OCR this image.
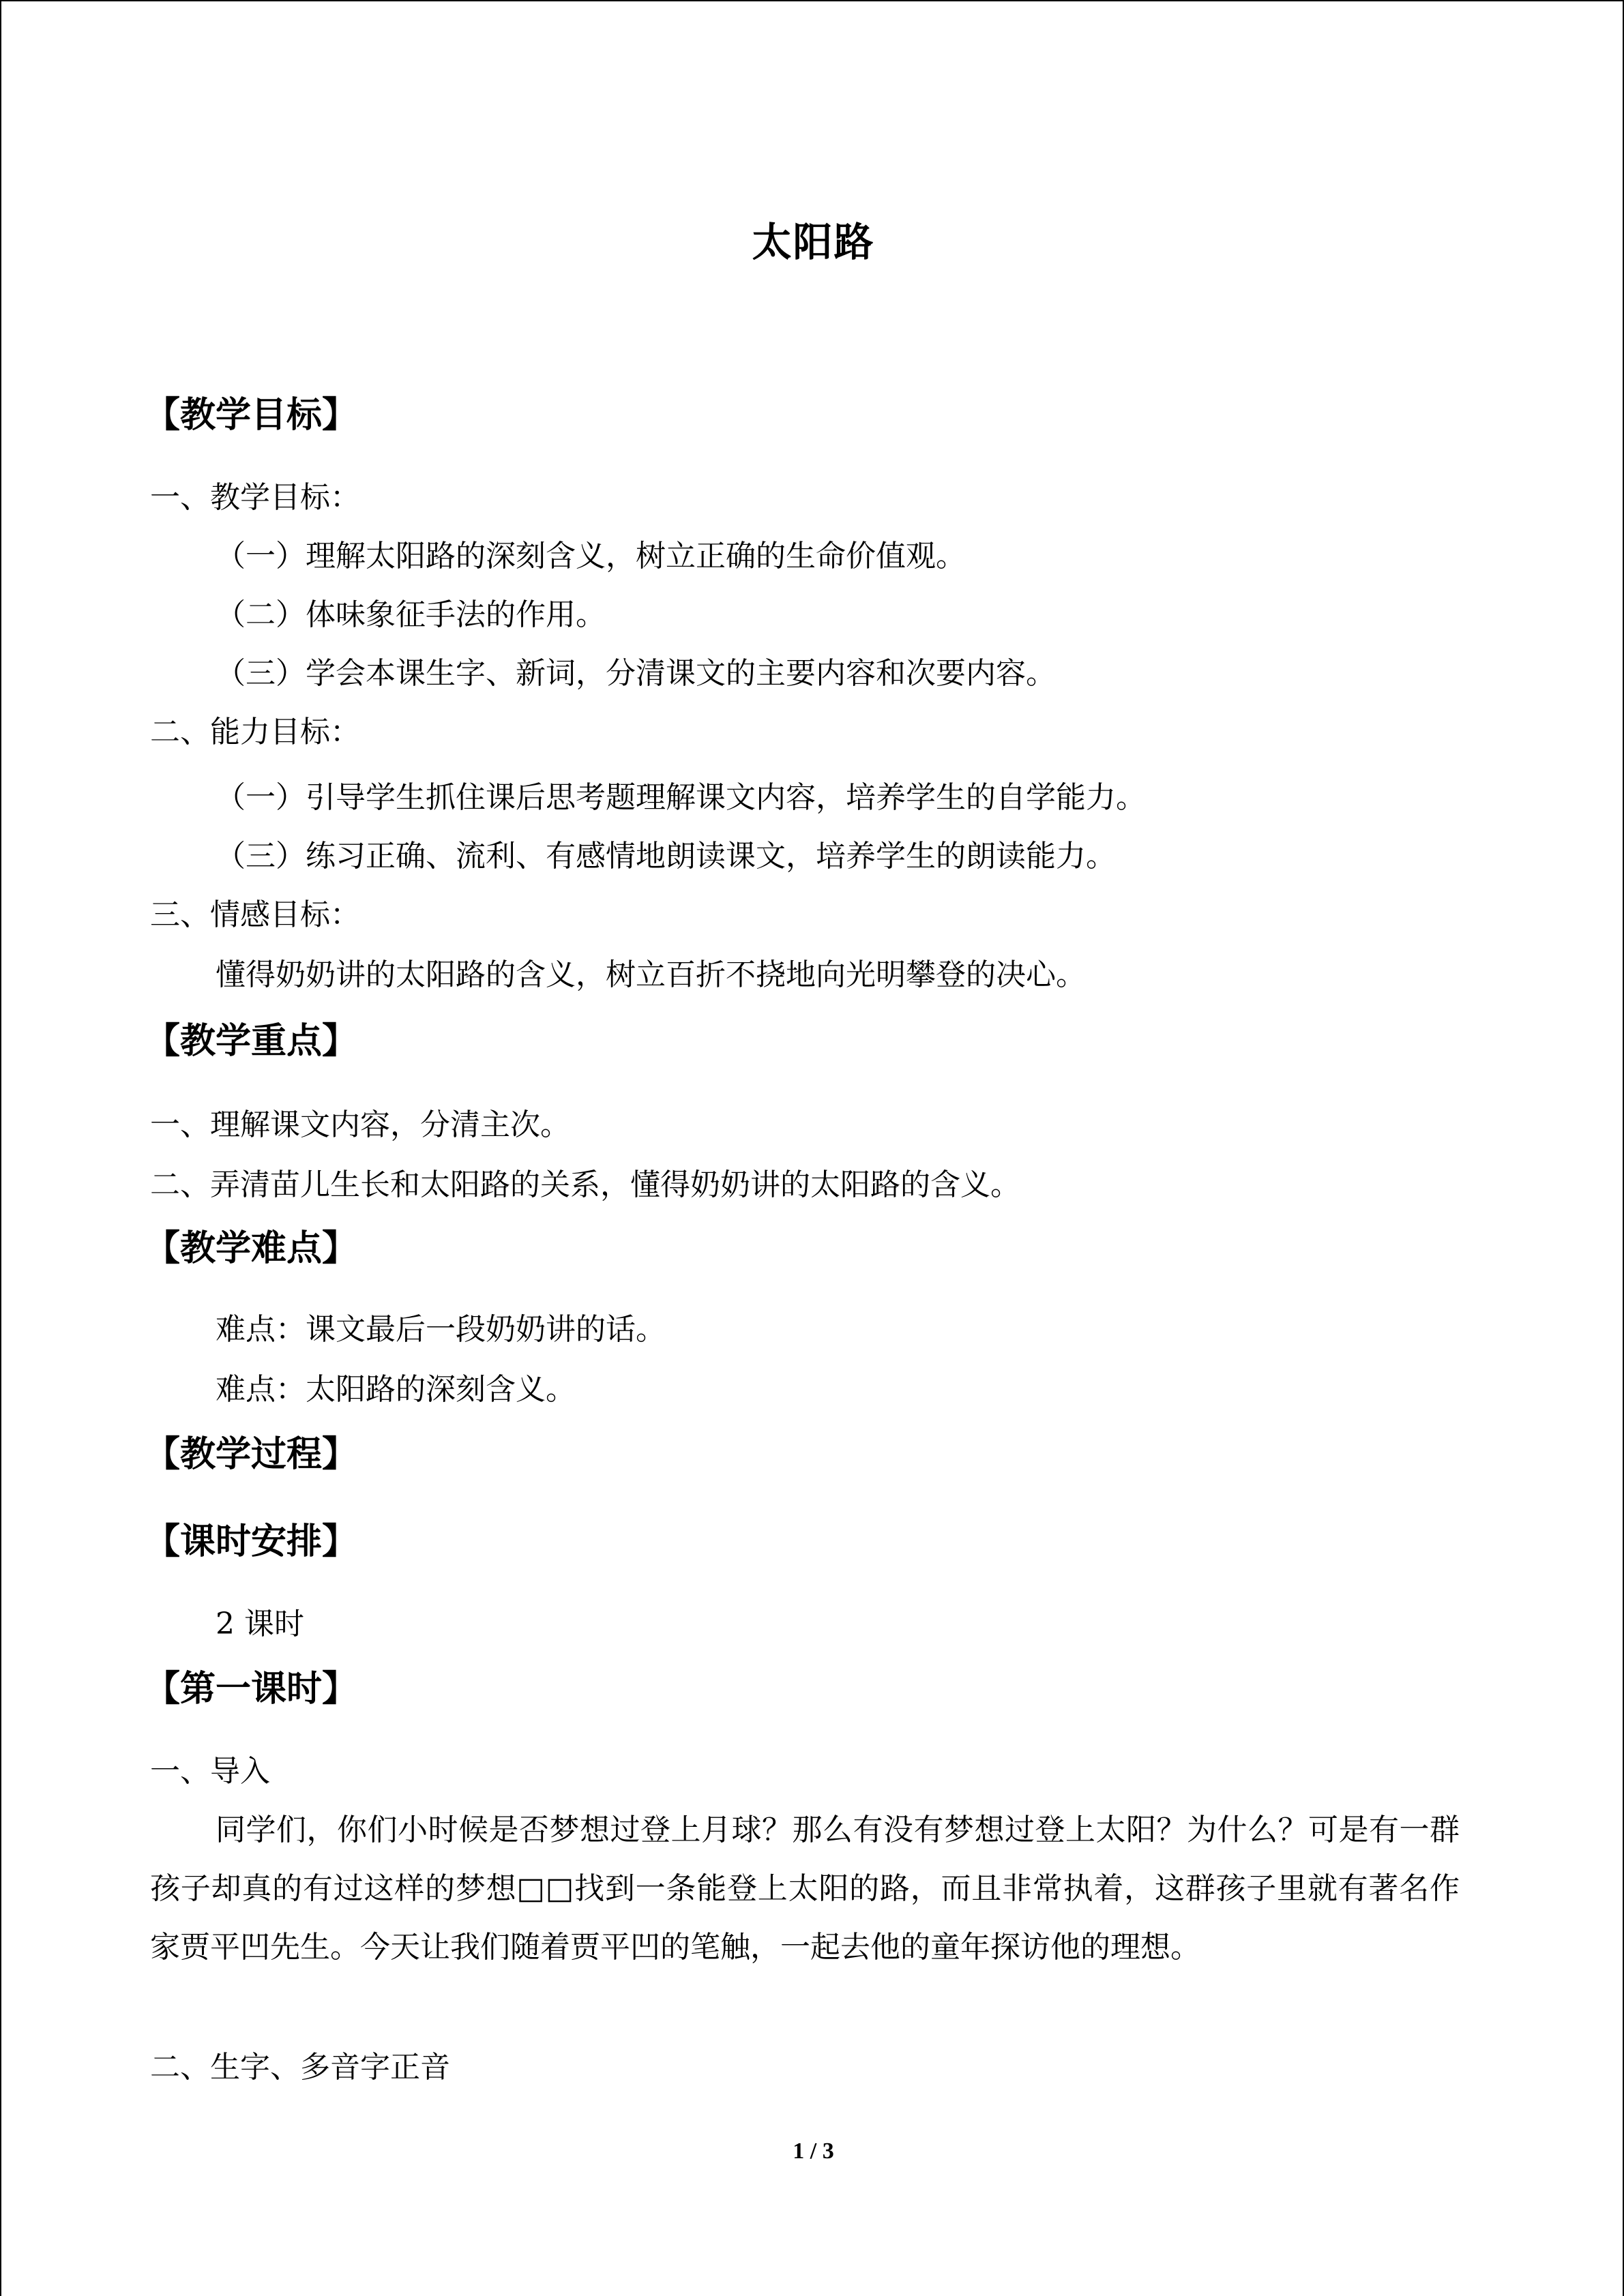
太阳路
【教学目标】
一、教学目标：
（一）理解太阳路的深刻含义，树立正确的生命价值观。
（二）体味象征手法的作用。
（三）学会本课生字、新词，分清课文的主要内容和次要内容。
二、能力目标：
（一）引导学生抓住课后思考题理解课文内容，培养学生的自学能力。
（三）练习正确、流利、有感情地朗读课文，培养学生的朗读能力。
三、情感目标：
懂得奶奶讲的太阳路的含义，树立百折不挠地向光明攀登的决心。
【教学重点】
一、理解课文内容，分清主次。
二、弄清苗儿生长和太阳路的关系，懂得奶奶讲的太阳路的含义。
【教学难点】
难点：课文最后一段奶奶讲的话。
难点：太阳路的深刻含义。
【教学过程】
【课时安排】
2 课时
【第一课时】
一、导入
同学们，你们小时候是否梦想过登上月球？那么有没有梦想过登上太阳？为什么？可是有一群孩子却真的有过这样的梦想□□找到一条能登上太阳的路，而且非常执着，这群孩子里就有著名作家贾平凹先生。今天让我们随着贾平凹的笔触，一起去他的童年探访他的理想。
二、生字、多音字正音
1 / 3
